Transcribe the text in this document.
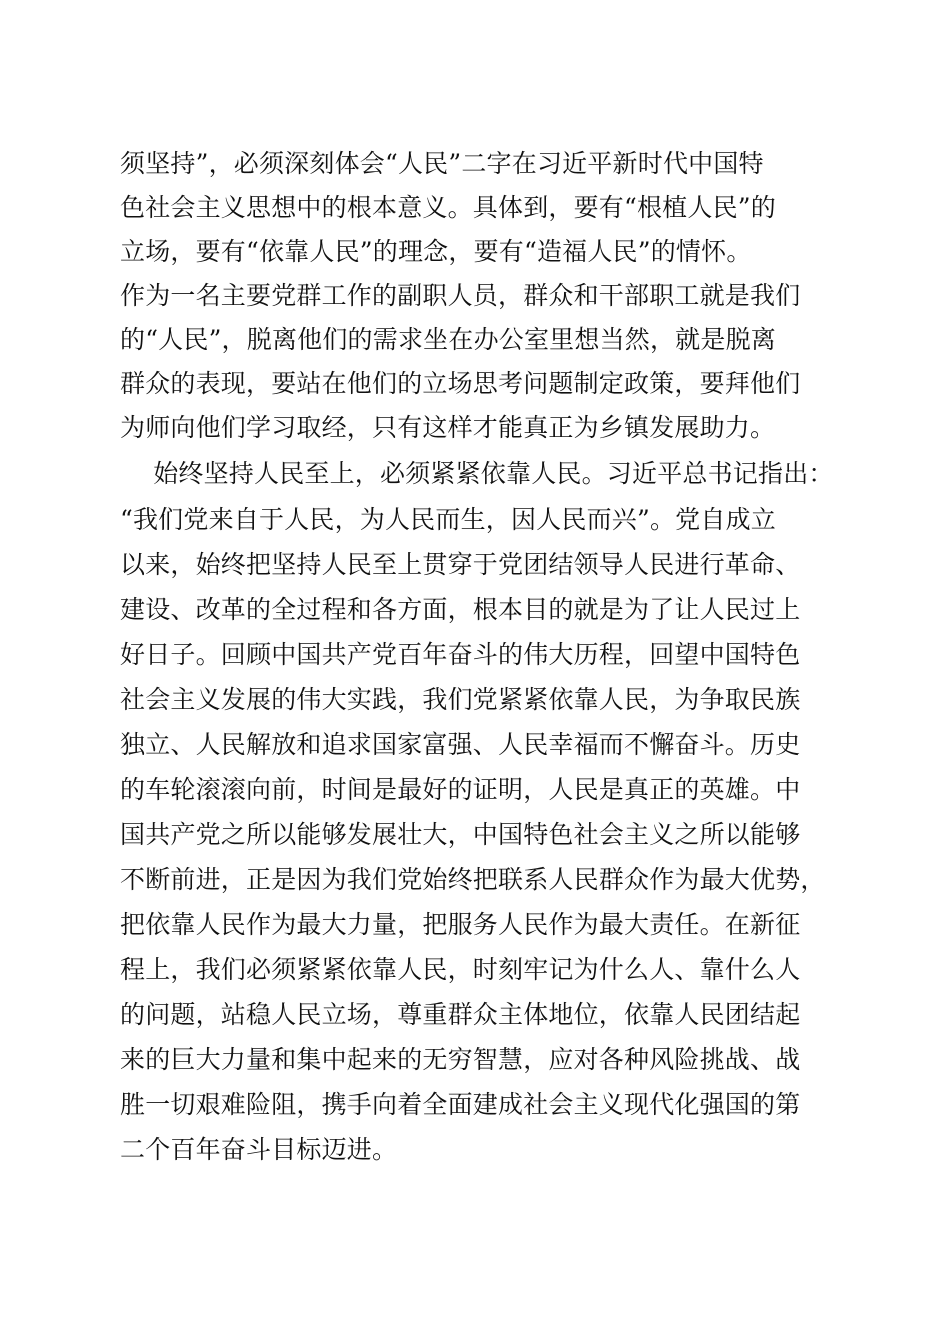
须坚持”，必须深刻体会“人民”二字在习近平新时代中国特
色社会主义思想中的根本意义。具体到，要有“根植人民”的
立场，要有“依靠人民”的理念，要有“造福人民”的情怀。
作为一名主要党群工作的副职人员，群众和干部职工就是我们
的“人民”，脱离他们的需求坐在办公室里想当然，就是脱离
群众的表现，要站在他们的立场思考问题制定政策，要拜他们
为师向他们学习取经，只有这样才能真正为乡镇发展助力。
　始终坚持人民至上，必须紧紧依靠人民。习近平总书记指出：
“我们党来自于人民，为人民而生，因人民而兴”。党自成立
以来，始终把坚持人民至上贯穿于党团结领导人民进行革命、
建设、改革的全过程和各方面，根本目的就是为了让人民过上
好日子。回顾中国共产党百年奋斗的伟大历程，回望中国特色
社会主义发展的伟大实践，我们党紧紧依靠人民，为争取民族
独立、人民解放和追求国家富强、人民幸福而不懈奋斗。历史
的车轮滚滚向前，时间是最好的证明，人民是真正的英雄。中
国共产党之所以能够发展壮大，中国特色社会主义之所以能够
不断前进，正是因为我们党始终把联系人民群众作为最大优势，
把依靠人民作为最大力量，把服务人民作为最大责任。在新征
程上，我们必须紧紧依靠人民，时刻牢记为什么人、靠什么人
的问题，站稳人民立场，尊重群众主体地位，依靠人民团结起
来的巨大力量和集中起来的无穷智慧，应对各种风险挑战、战
胜一切艰难险阻，携手向着全面建成社会主义现代化强国的第
二个百年奋斗目标迈进。
